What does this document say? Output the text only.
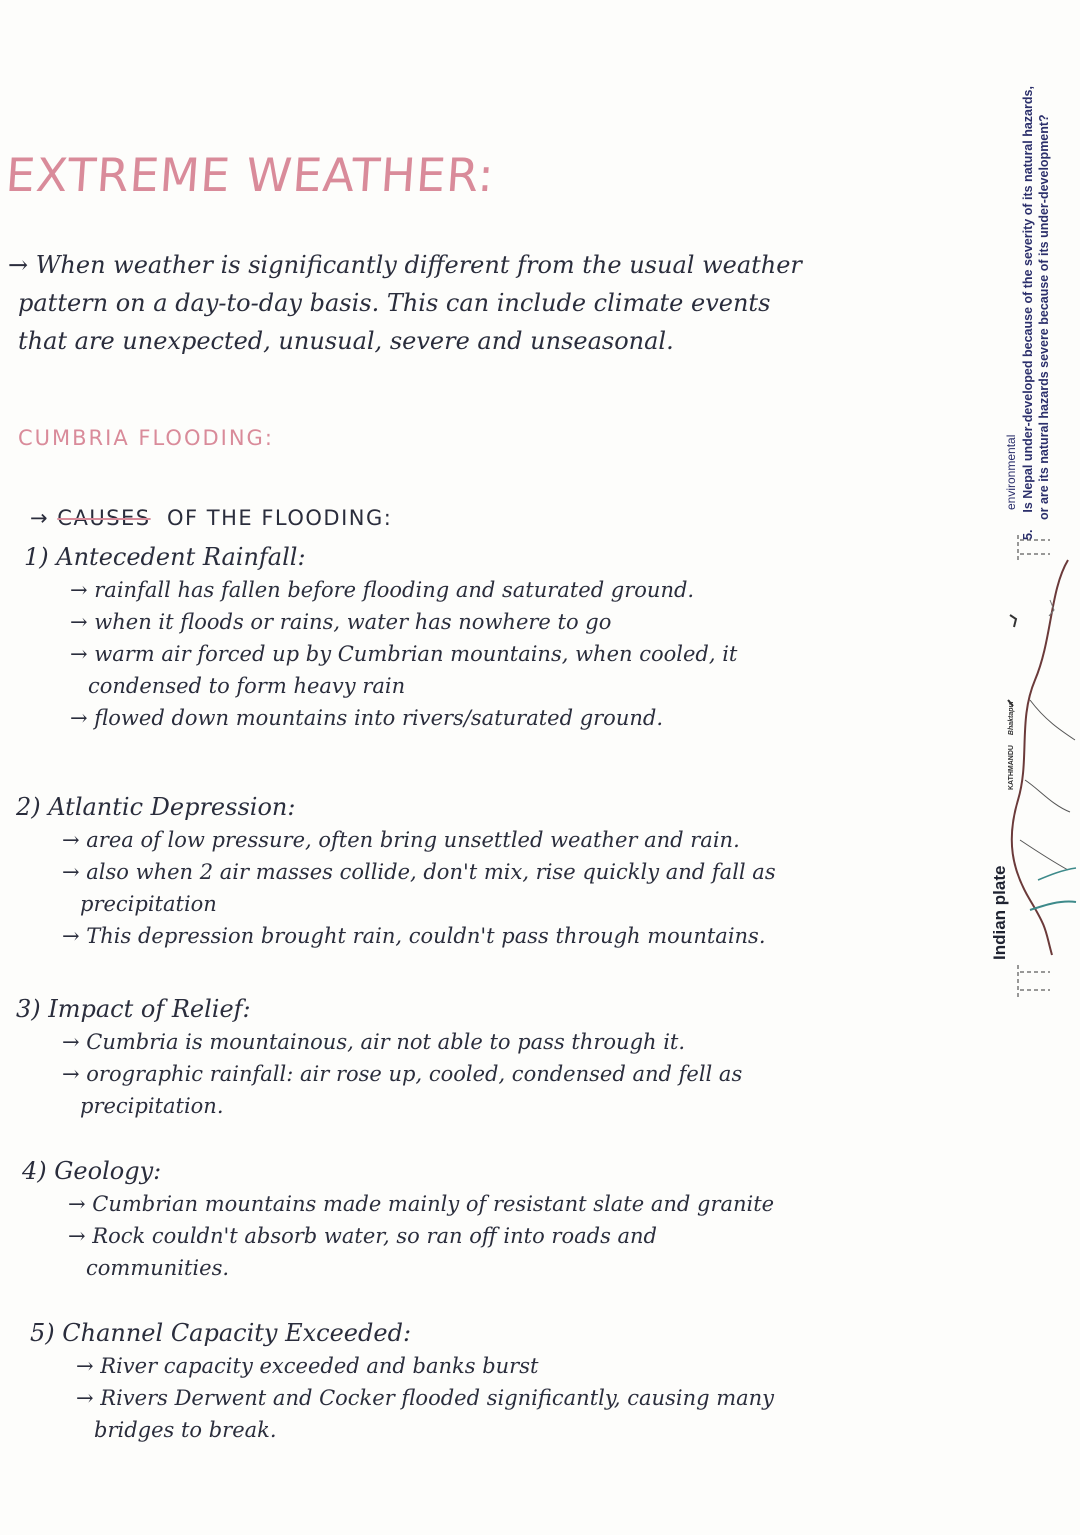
EXTREME WEATHER:
→ When weather is significantly different from the usual weather
pattern on a day-to-day basis. This can include climate events
that are unexpected, unusual, severe and unseasonal.
CUMBRIA FLOODING:
→ CAUSES  OF THE FLOODING:
1) Antecedent Rainfall:
→ rainfall has fallen before flooding and saturated ground.
→ when it floods or rains, water has nowhere to go
→ warm air forced up by Cumbrian mountains, when cooled, it
condensed to form heavy rain
→ flowed down mountains into rivers/saturated ground.
2) Atlantic Depression:
→ area of low pressure, often bring unsettled weather and rain.
→ also when 2 air masses collide, don't mix, rise quickly and fall as
precipitation
→ This depression brought rain, couldn't pass through mountains.
3) Impact of Relief:
→ Cumbria is mountainous, air not able to pass through it.
→ orographic rainfall: air rose up, cooled, condensed and fell as
precipitation.
4) Geology:
→ Cumbrian mountains made mainly of resistant slate and granite
→ Rock couldn't absorb water, so ran off into roads and
communities.
5) Channel Capacity Exceeded:
→ River capacity exceeded and banks burst
→ Rivers Derwent and Cocker flooded significantly, causing many
bridges to break.
5.  Is Nepal under-developed because of the severity of its natural hazards, or are its natural hazards severe because of its under-development?
environmental
Indian plate
KATHMANDU  Bhaktapur
